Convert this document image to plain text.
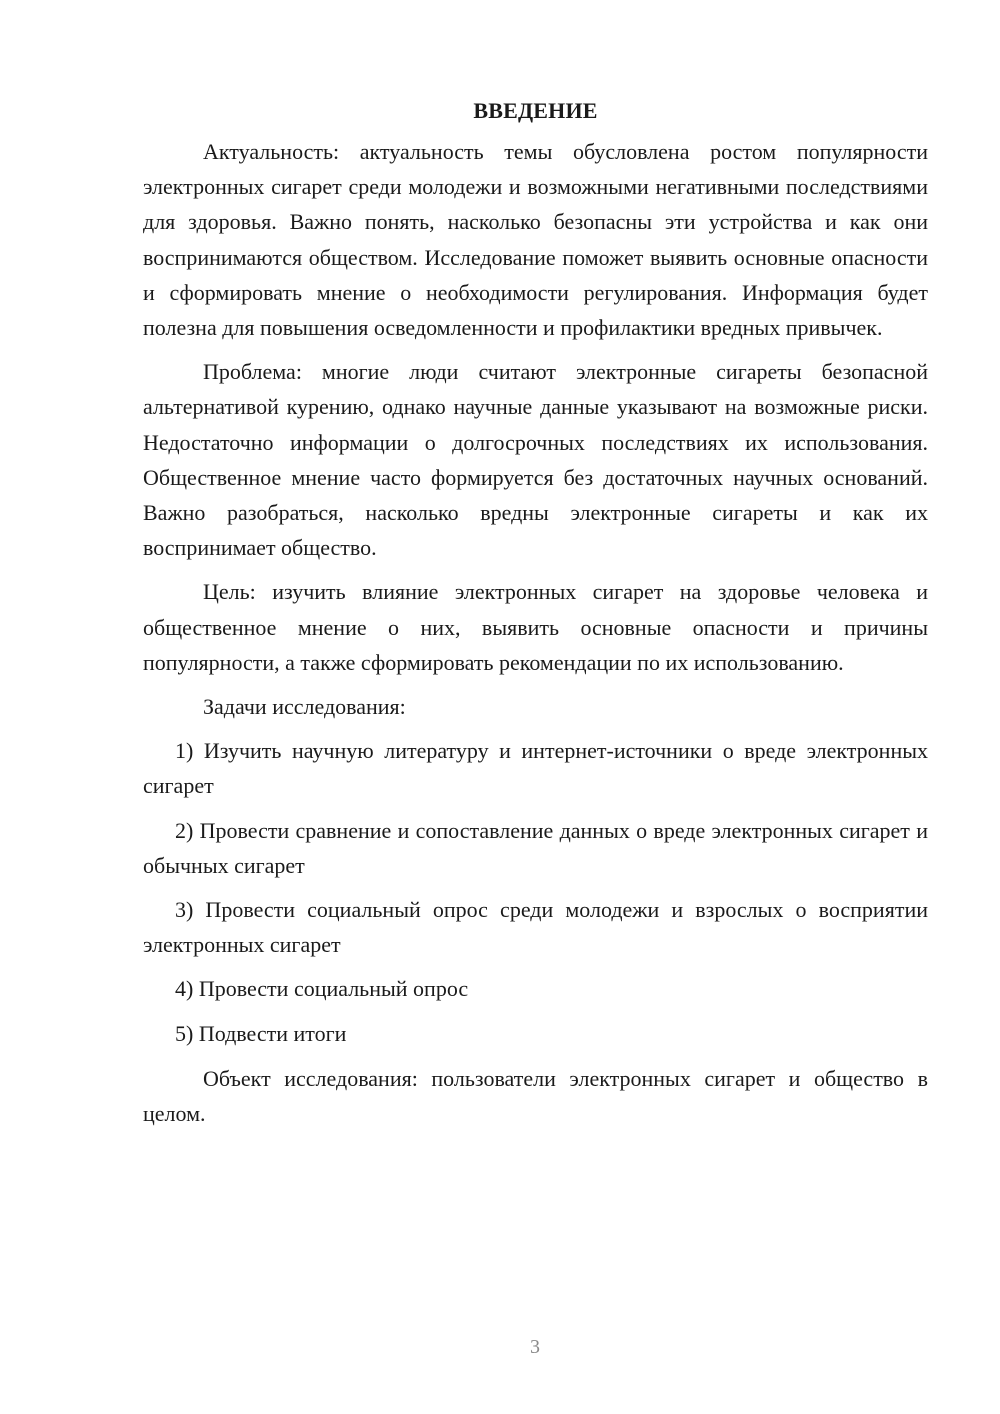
ВВЕДЕНИЕ

Актуальность: актуальность темы обусловлена ростом популярности электронных сигарет среди молодежи и возможными негативными последствиями для здоровья. Важно понять, насколько безопасны эти устройства и как они воспринимаются обществом. Исследование поможет выявить основные опасности и сформировать мнение о необходимости регулирования. Информация будет полезна для повышения осведомленности и профилактики вредных привычек.

Проблема: многие люди считают электронные сигареты безопасной альтернативой курению, однако научные данные указывают на возможные риски. Недостаточно информации о долгосрочных последствиях их использования. Общественное мнение часто формируется без достаточных научных оснований. Важно разобраться, насколько вредны электронные сигареты и как их воспринимает общество.

Цель: изучить влияние электронных сигарет на здоровье человека и общественное мнение о них, выявить основные опасности и причины популярности, а также сформировать рекомендации по их использованию.

Задачи исследования:

1) Изучить научную литературу и интернет-источники о вреде электронных сигарет

2) Провести сравнение и сопоставление данных о вреде электронных сигарет и обычных сигарет

3) Провести социальный опрос среди молодежи и взрослых о восприятии электронных сигарет

4) Провести социальный опрос

5) Подвести итоги

Объект исследования: пользователи электронных сигарет и общество в целом.

3
